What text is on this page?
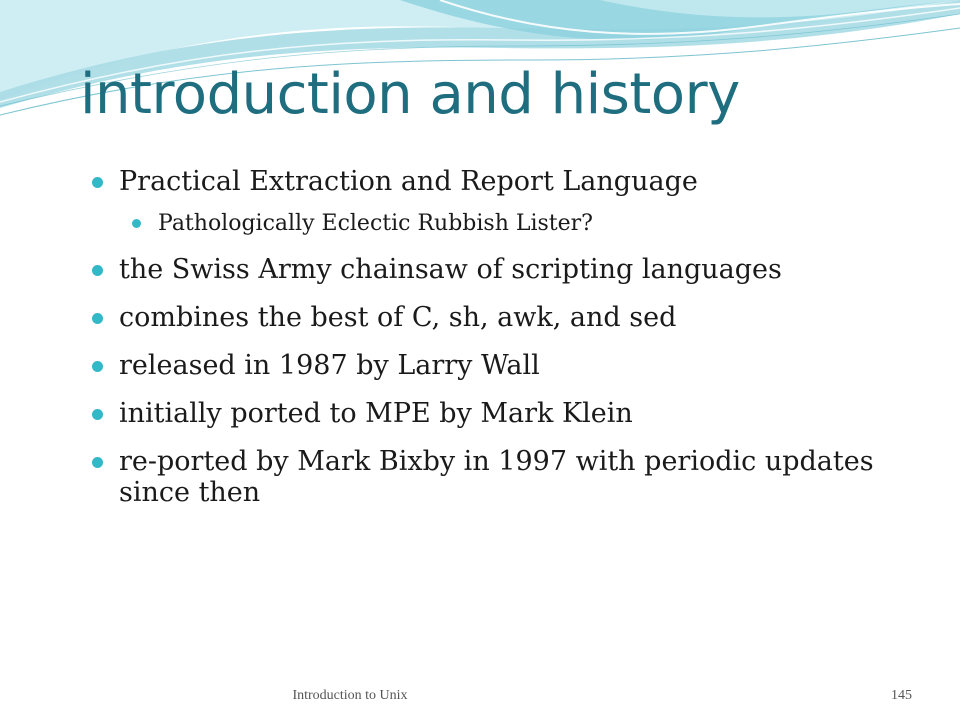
introduction and history
Practical Extraction and Report Language
Pathologically Eclectic Rubbish Lister?
the Swiss Army chainsaw of scripting languages
combines the best of C, sh, awk, and sed
released in 1987 by Larry Wall
initially ported to MPE by Mark Klein
re-ported by Mark Bixby in 1997 with periodic updates since then
Introduction to Unix	145
